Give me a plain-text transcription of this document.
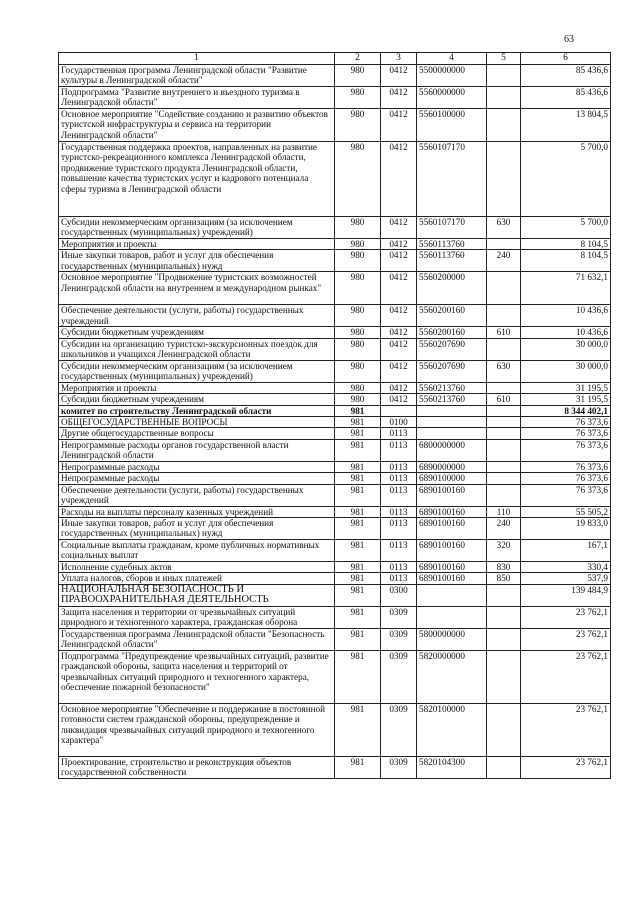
63
1	2	3	4	5	6
Государственная программа Ленинградской области "Развитие культуры в Ленинградской области"	980	0412	5500000000		85 436,6
Подпрограмма "Развитие внутреннего и въездного туризма в Ленинградской области"	980	0412	5560000000		85 436,6
Основное мероприятие "Содействие созданию и развитию объектов туристской инфраструктуры и сервиса на территории Ленинградской области"	980	0412	5560100000		13 804,5
Государственная поддержка проектов, направленных на развитие туристско-рекреационного комплекса Ленинградской области, продвижение туристского продукта Ленинградской области, повышение качества туристских услуг и кадрового потенциала сферы туризма в Ленинградской области	980	0412	5560107170		5 700,0
Субсидии некоммерческим организациям (за исключением государственных (муниципальных) учреждений)	980	0412	5560107170	630	5 700,0
Мероприятия и проекты	980	0412	5560113760		8 104,5
Иные закупки товаров, работ и услуг для обеспечения государственных (муниципальных) нужд	980	0412	5560113760	240	8 104,5
Основное мероприятие "Продвижение туристских возможностей Ленинградской области на внутреннем и международном рынках"	980	0412	5560200000		71 632,1
Обеспечение деятельности (услуги, работы) государственных учреждений	980	0412	5560200160		10 436,6
Субсидии бюджетным учреждениям	980	0412	5560200160	610	10 436,6
Субсидии на организацию туристско-экскурсионных поездок для школьников и учащихся Ленинградской области	980	0412	5560207690		30 000,0
Субсидии некоммерческим организациям (за исключением государственных (муниципальных) учреждений)	980	0412	5560207690	630	30 000,0
Мероприятия и проекты	980	0412	5560213760		31 195,5
Субсидии бюджетным учреждениям	980	0412	5560213760	610	31 195,5
комитет по строительству Ленинградской области	981				8 344 402,1
ОБЩЕГОСУДАРСТВЕННЫЕ ВОПРОСЫ	981	0100			76 373,6
Другие общегосударственные вопросы	981	0113			76 373,6
Непрограммные расходы органов государственной власти Ленинградской области	981	0113	6800000000		76 373,6
Непрограммные расходы	981	0113	6890000000		76 373,6
Непрограммные расходы	981	0113	6890100000		76 373,6
Обеспечение деятельности (услуги, работы) государственных учреждений	981	0113	6890100160		76 373,6
Расходы на выплаты персоналу казенных учреждений	981	0113	6890100160	110	55 505,2
Иные закупки товаров, работ и услуг для обеспечения государственных (муниципальных) нужд	981	0113	6890100160	240	19 833,0
Социальные выплаты гражданам, кроме публичных нормативных социальных выплат	981	0113	6890100160	320	167,1
Исполнение судебных актов	981	0113	6890100160	830	330,4
Уплата налогов, сборов и иных платежей	981	0113	6890100160	850	537,9
НАЦИОНАЛЬНАЯ БЕЗОПАСНОСТЬ И ПРАВООХРАНИТЕЛЬНАЯ ДЕЯТЕЛЬНОСТЬ	981	0300			139 484,9
Защита населения и территории от чрезвычайных ситуаций природного и техногенного характера, гражданская оборона	981	0309			23 762,1
Государственная программа Ленинградской области "Безопасность Ленинградской области"	981	0309	5800000000		23 762,1
Подпрограмма "Предупреждение чрезвычайных ситуаций, развитие гражданской обороны, защита населения и территорий от чрезвычайных ситуаций природного и техногенного характера, обеспечение пожарной безопасности"	981	0309	5820000000		23 762,1
Основное мероприятие "Обеспечение и поддержание в постоянной готовности систем гражданской обороны, предупреждение и ликвидация чрезвычайных ситуаций природного и техногенного характера"	981	0309	5820100000		23 762,1
Проектирование, строительство и реконструкция объектов государственной собственности	981	0309	5820104300		23 762,1
